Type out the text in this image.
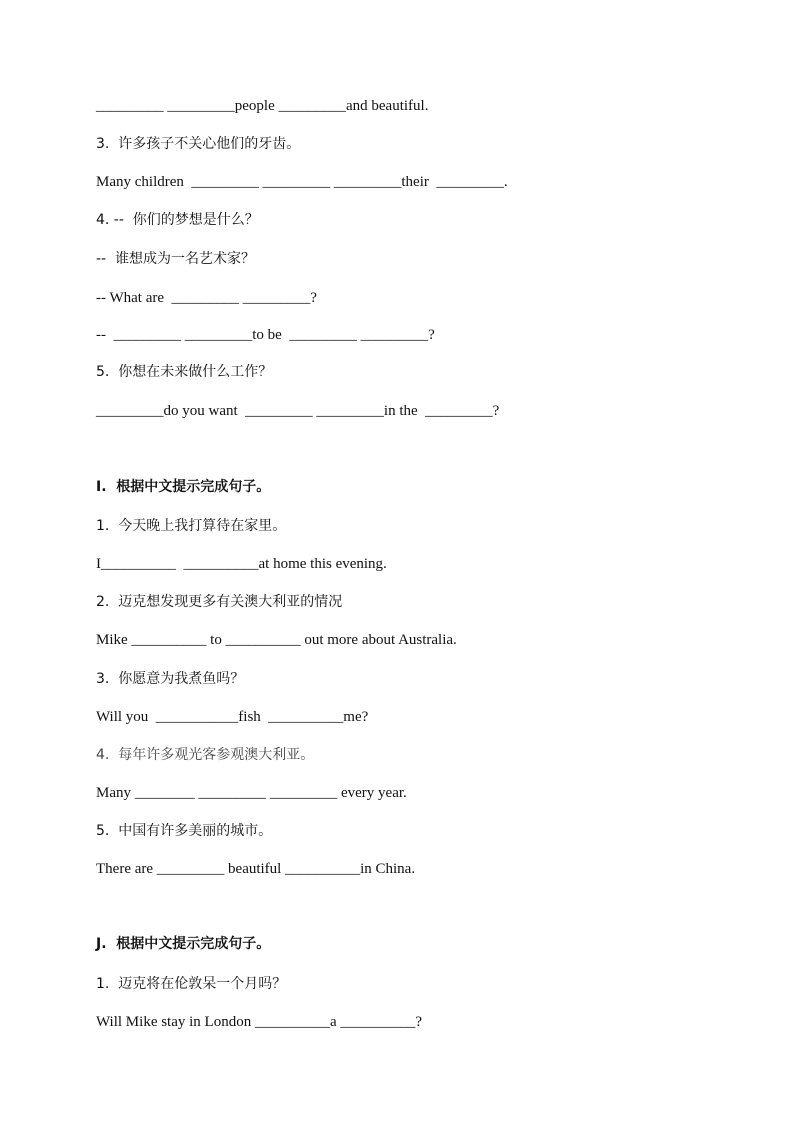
_________ _________people _________and beautiful.
3.  许多孩子不关心他们的牙齿。
Many children  _________ _________ _________their  _________.
4. --  你们的梦想是什么？
--  谁想成为一名艺术家？
-- What are  _________ _________?
--  _________ _________to be  _________ _________?
5.  你想在未来做什么工作？
_________do you want  _________ _________in the  _________?
I.  根据中文提示完成句子。
1.  今天晚上我打算待在家里。
I__________  __________at home this evening.
2.  迈克想发现更多有关澳大利亚的情况
Mike __________ to __________ out more about Australia.
3.  你愿意为我煮鱼吗？
Will you  ___________fish  __________me?
4.  每年许多观光客参观澳大利亚。
Many ________ _________ _________ every year.
5.  中国有许多美丽的城市。
There are _________ beautiful __________in China.
J.  根据中文提示完成句子。
1.  迈克将在伦敦呆一个月吗？
Will Mike stay in London __________a __________?
